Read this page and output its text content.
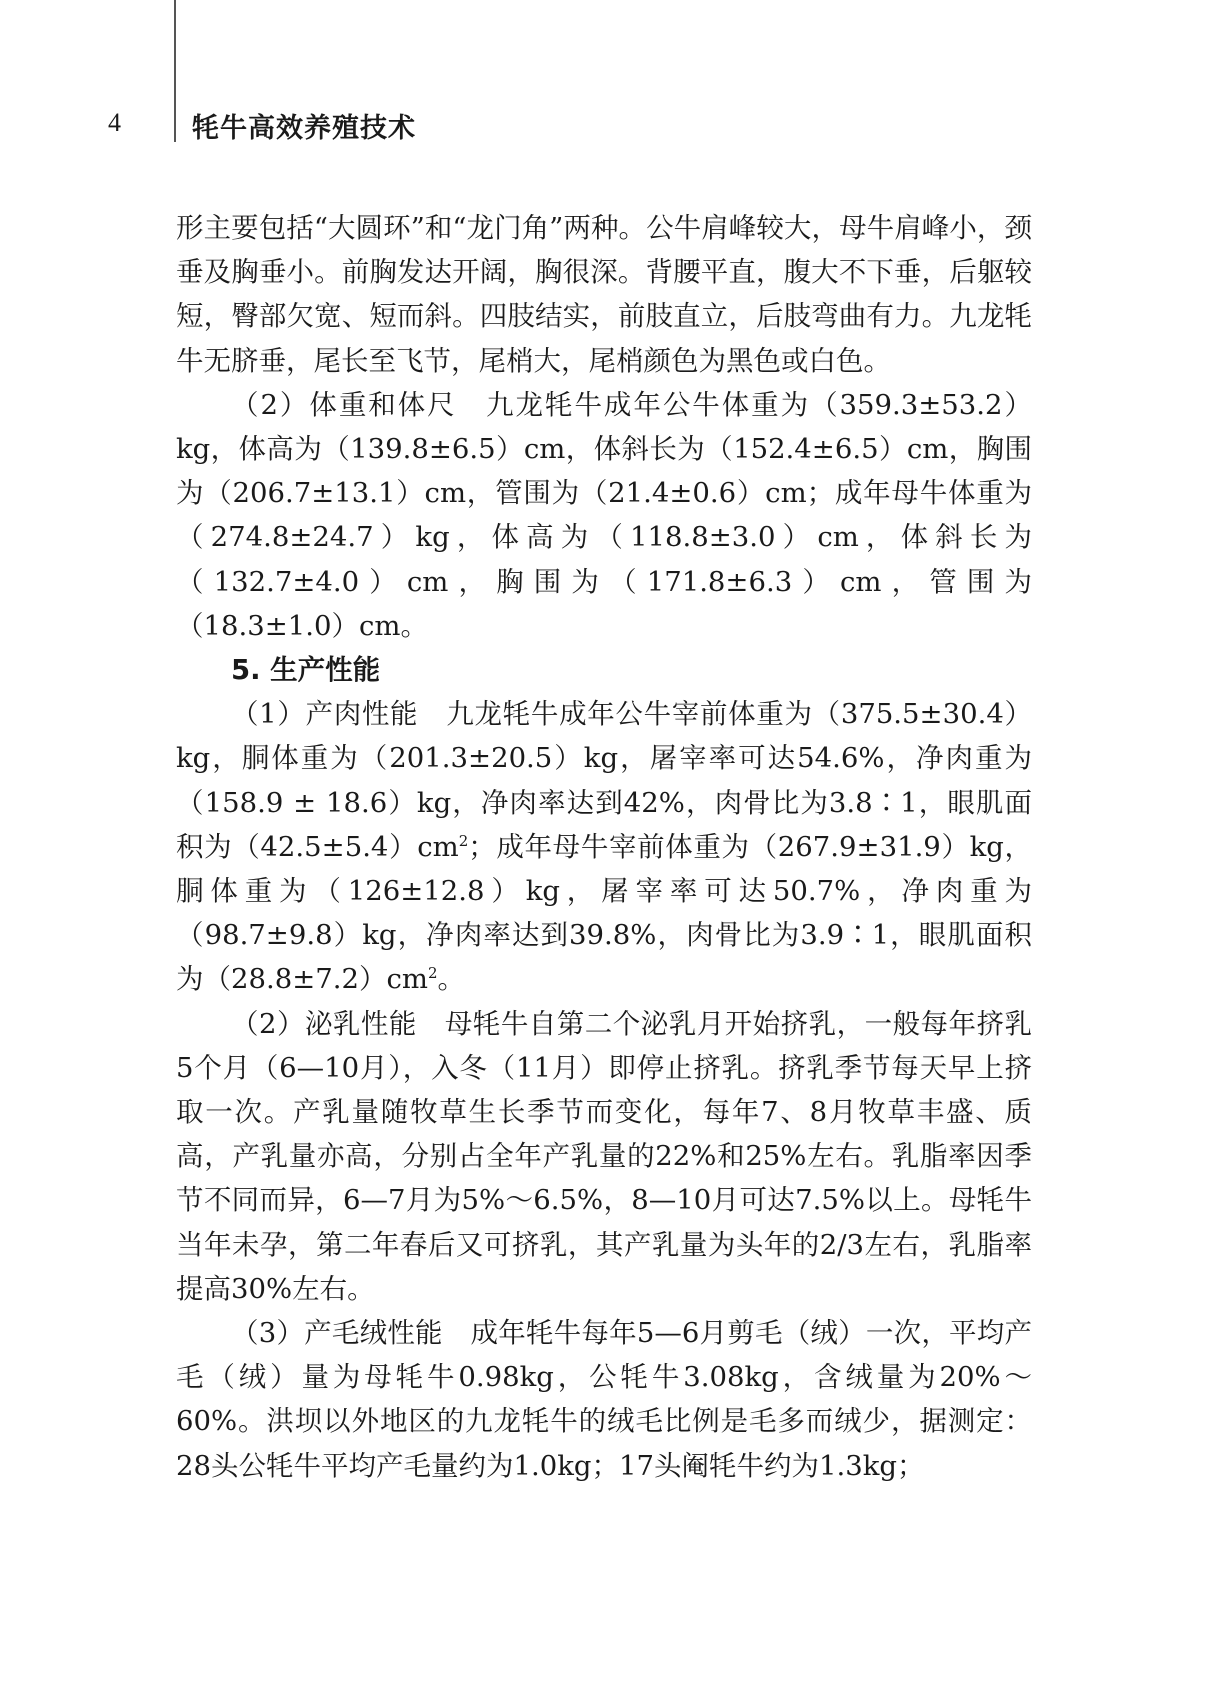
4	牦牛高效养殖技术

形主要包括“大圆环”和“龙门角”两种。公牛肩峰较大，母牛肩峰小，颈垂及胸垂小。前胸发达开阔，胸很深。背腰平直，腹大不下垂，后躯较短，臀部欠宽、短而斜。四肢结实，前肢直立，后肢弯曲有力。九龙牦牛无脐垂，尾长至飞节，尾梢大，尾梢颜色为黑色或白色。

（2）体重和体尺　九龙牦牛成年公牛体重为（359.3±53.2）kg，体高为（139.8±6.5）cm，体斜长为（152.4±6.5）cm，胸围为（206.7±13.1）cm，管围为（21.4±0.6）cm；成年母牛体重为（274.8±24.7）kg，体高为（118.8±3.0）cm，体斜长为（132.7±4.0）cm，胸围为（171.8±6.3）cm，管围为（18.3±1.0）cm。

5. 生产性能

（1）产肉性能　九龙牦牛成年公牛宰前体重为（375.5±30.4）kg，胴体重为（201.3±20.5）kg，屠宰率可达54.6%，净肉重为（158.9 ± 18.6）kg，净肉率达到42%，肉骨比为3.8∶1，眼肌面积为$(42.5\pm 5.4)cm^2$；成年母牛宰前体重为（267.9±31.9）kg，胴体重为（126±12.8）kg，屠宰率可达50.7%，净肉重为（98.7±9.8）kg，净肉率达到39.8%，肉骨比为3.9∶1，眼肌面积为$(28.8\pm 7.2)cm^2$。

（2）泌乳性能　母牦牛自第二个泌乳月开始挤乳，一般每年挤乳5个月（6—10月），入冬（11月）即停止挤乳。挤乳季节每天早上挤取一次。产乳量随牧草生长季节而变化，每年7、8月牧草丰盛、质高，产乳量亦高，分别占全年产乳量的22%和25%左右。乳脂率因季节不同而异，6—7月为5%～6.5%，8—10月可达7.5%以上。母牦牛当年未孕，第二年春后又可挤乳，其产乳量为头年的2/3左右，乳脂率提高30%左右。

（3）产毛绒性能　成年牦牛每年5—6月剪毛（绒）一次，平均产毛（绒）量为母牦牛0.98kg，公牦牛3.08kg，含绒量为20%～60%。洪坝以外地区的九龙牦牛的绒毛比例是毛多而绒少，据测定：28头公牦牛平均产毛量约为1.0kg；17头阉牦牛约为1.3kg；
